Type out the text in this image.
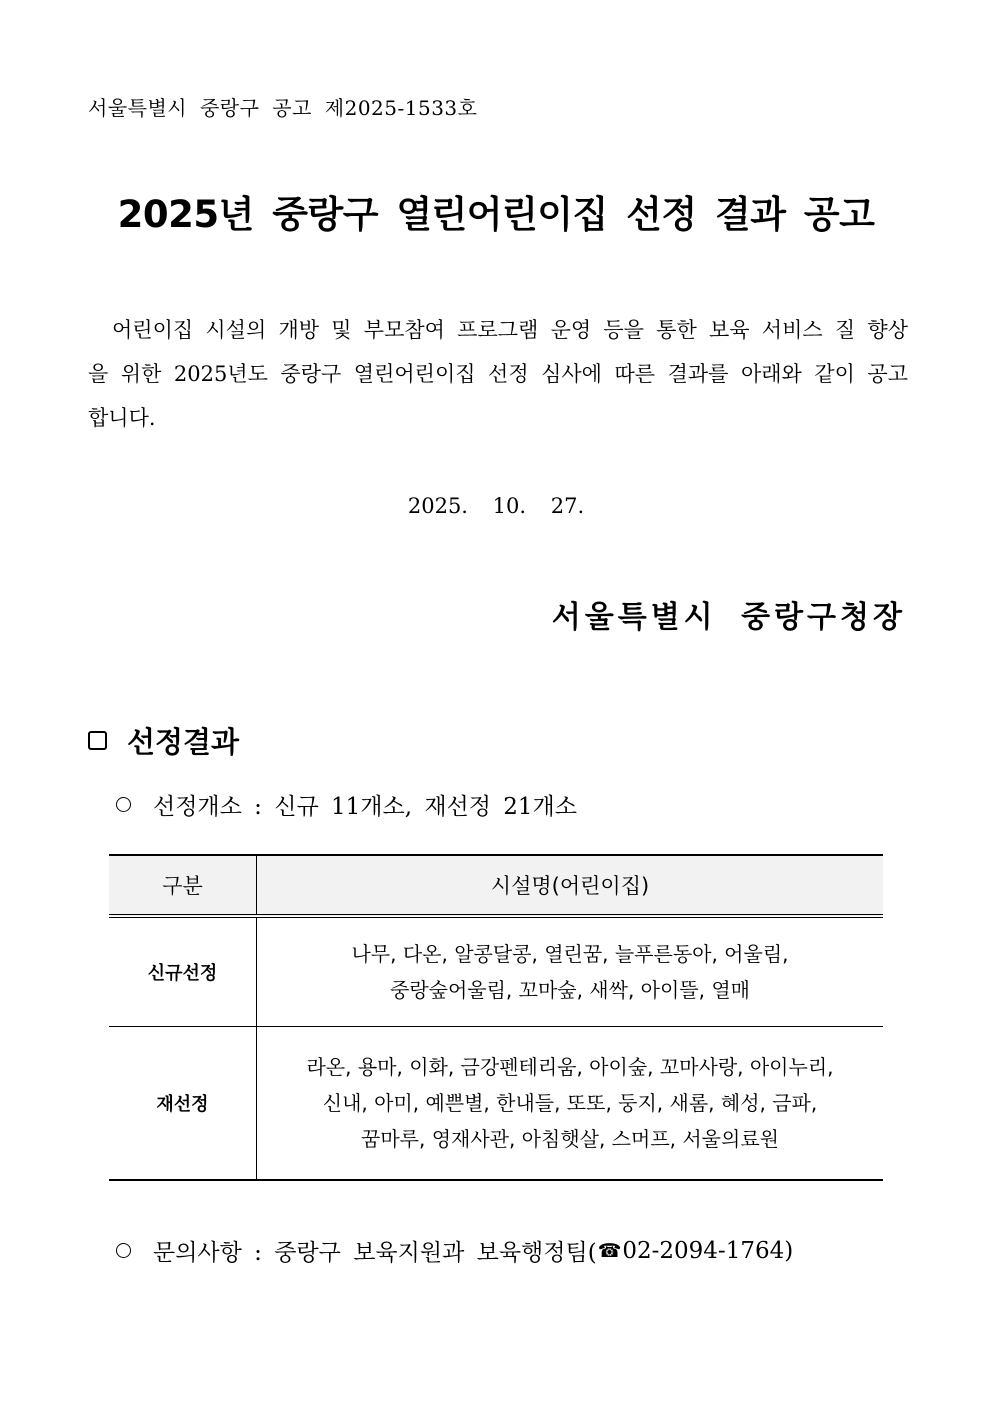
서울특별시 중랑구 공고 제2025-1533호
2025년 중랑구 열린어린이집 선정 결과 공고
어린이집 시설의 개방 및 부모참여 프로그램 운영 등을 통한 보육 서비스 질 향상을 위한 2025년도 중랑구 열린어린이집 선정 심사에 따른 결과를 아래와 같이 공고합니다.
2025. 10. 27.
서울특별시 중랑구청장
선정결과
선정개소 : 신규 11개소, 재선정 21개소
구분	시설명(어린이집)
신규선정	나무, 다온, 알콩달콩, 열린꿈, 늘푸른동아, 어울림,
중랑숲어울림, 꼬마숲, 새싹, 아이뜰, 열매

재선정	라온, 용마, 이화, 금강펜테리움, 아이숲, 꼬마사랑, 아이누리,
신내, 아미, 예쁜별, 한내들, 또또, 둥지, 새롬, 혜성, 금파,
꿈마루, 영재사관, 아침햇살, 스머프, 서울의료원
문의사항 : 중랑구 보육지원과 보육행정팀( ☎ 02-2094-1764)
